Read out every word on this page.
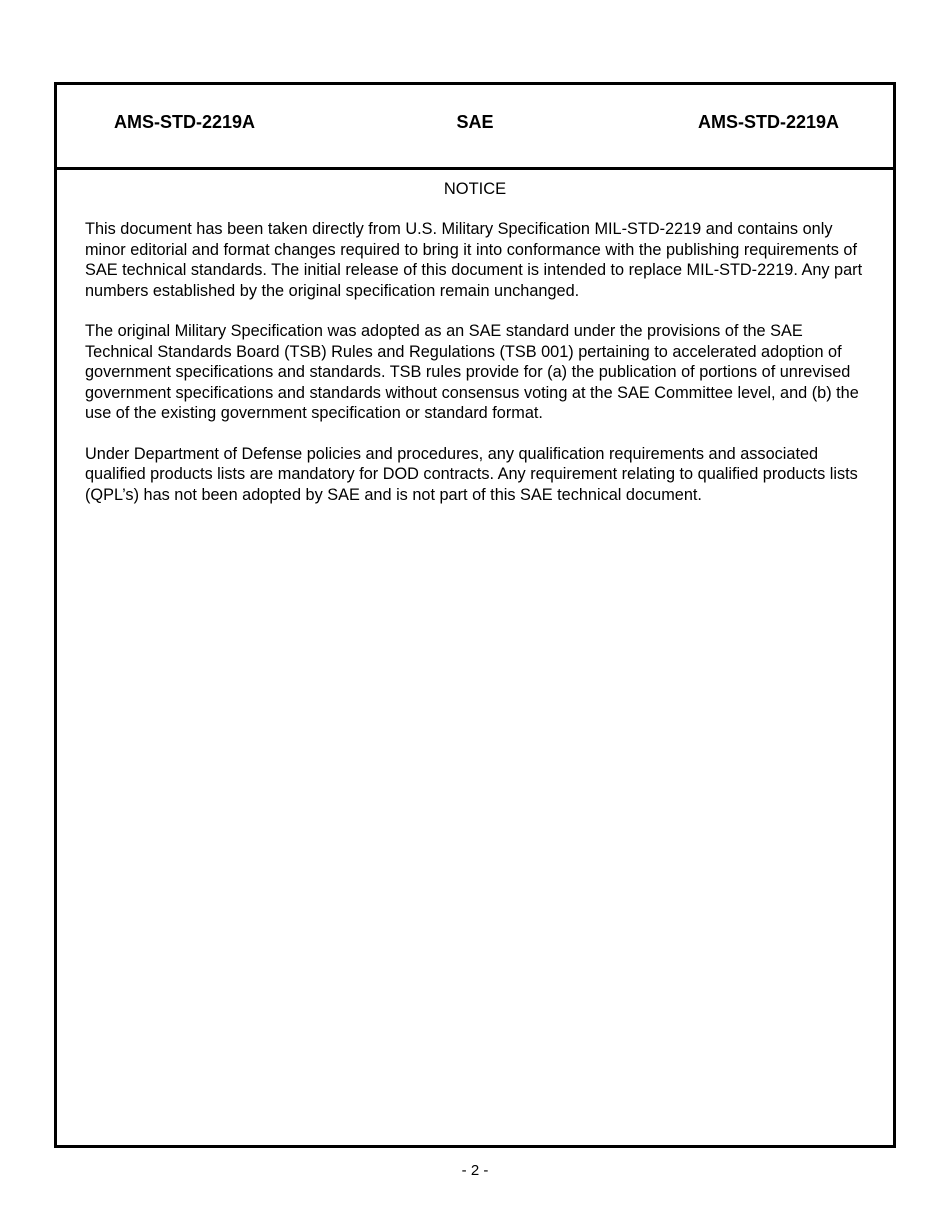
AMS-STD-2219A	SAE	AMS-STD-2219A
NOTICE

This document has been taken directly from U.S. Military Specification MIL-STD-2219 and contains only minor editorial and format changes required to bring it into conformance with the publishing requirements of SAE technical standards. The initial release of this document is intended to replace MIL-STD-2219. Any part numbers established by the original specification remain unchanged.

The original Military Specification was adopted as an SAE standard under the provisions of the SAE Technical Standards Board (TSB) Rules and Regulations (TSB 001) pertaining to accelerated adoption of government specifications and standards. TSB rules provide for (a) the publication of portions of unrevised government specifications and standards without consensus voting at the SAE Committee level, and (b) the use of the existing government specification or standard format.

Under Department of Defense policies and procedures, any qualification requirements and associated qualified products lists are mandatory for DOD contracts. Any requirement relating to qualified products lists (QPL’s) has not been adopted by SAE and is not part of this SAE technical document.

- 2 -
